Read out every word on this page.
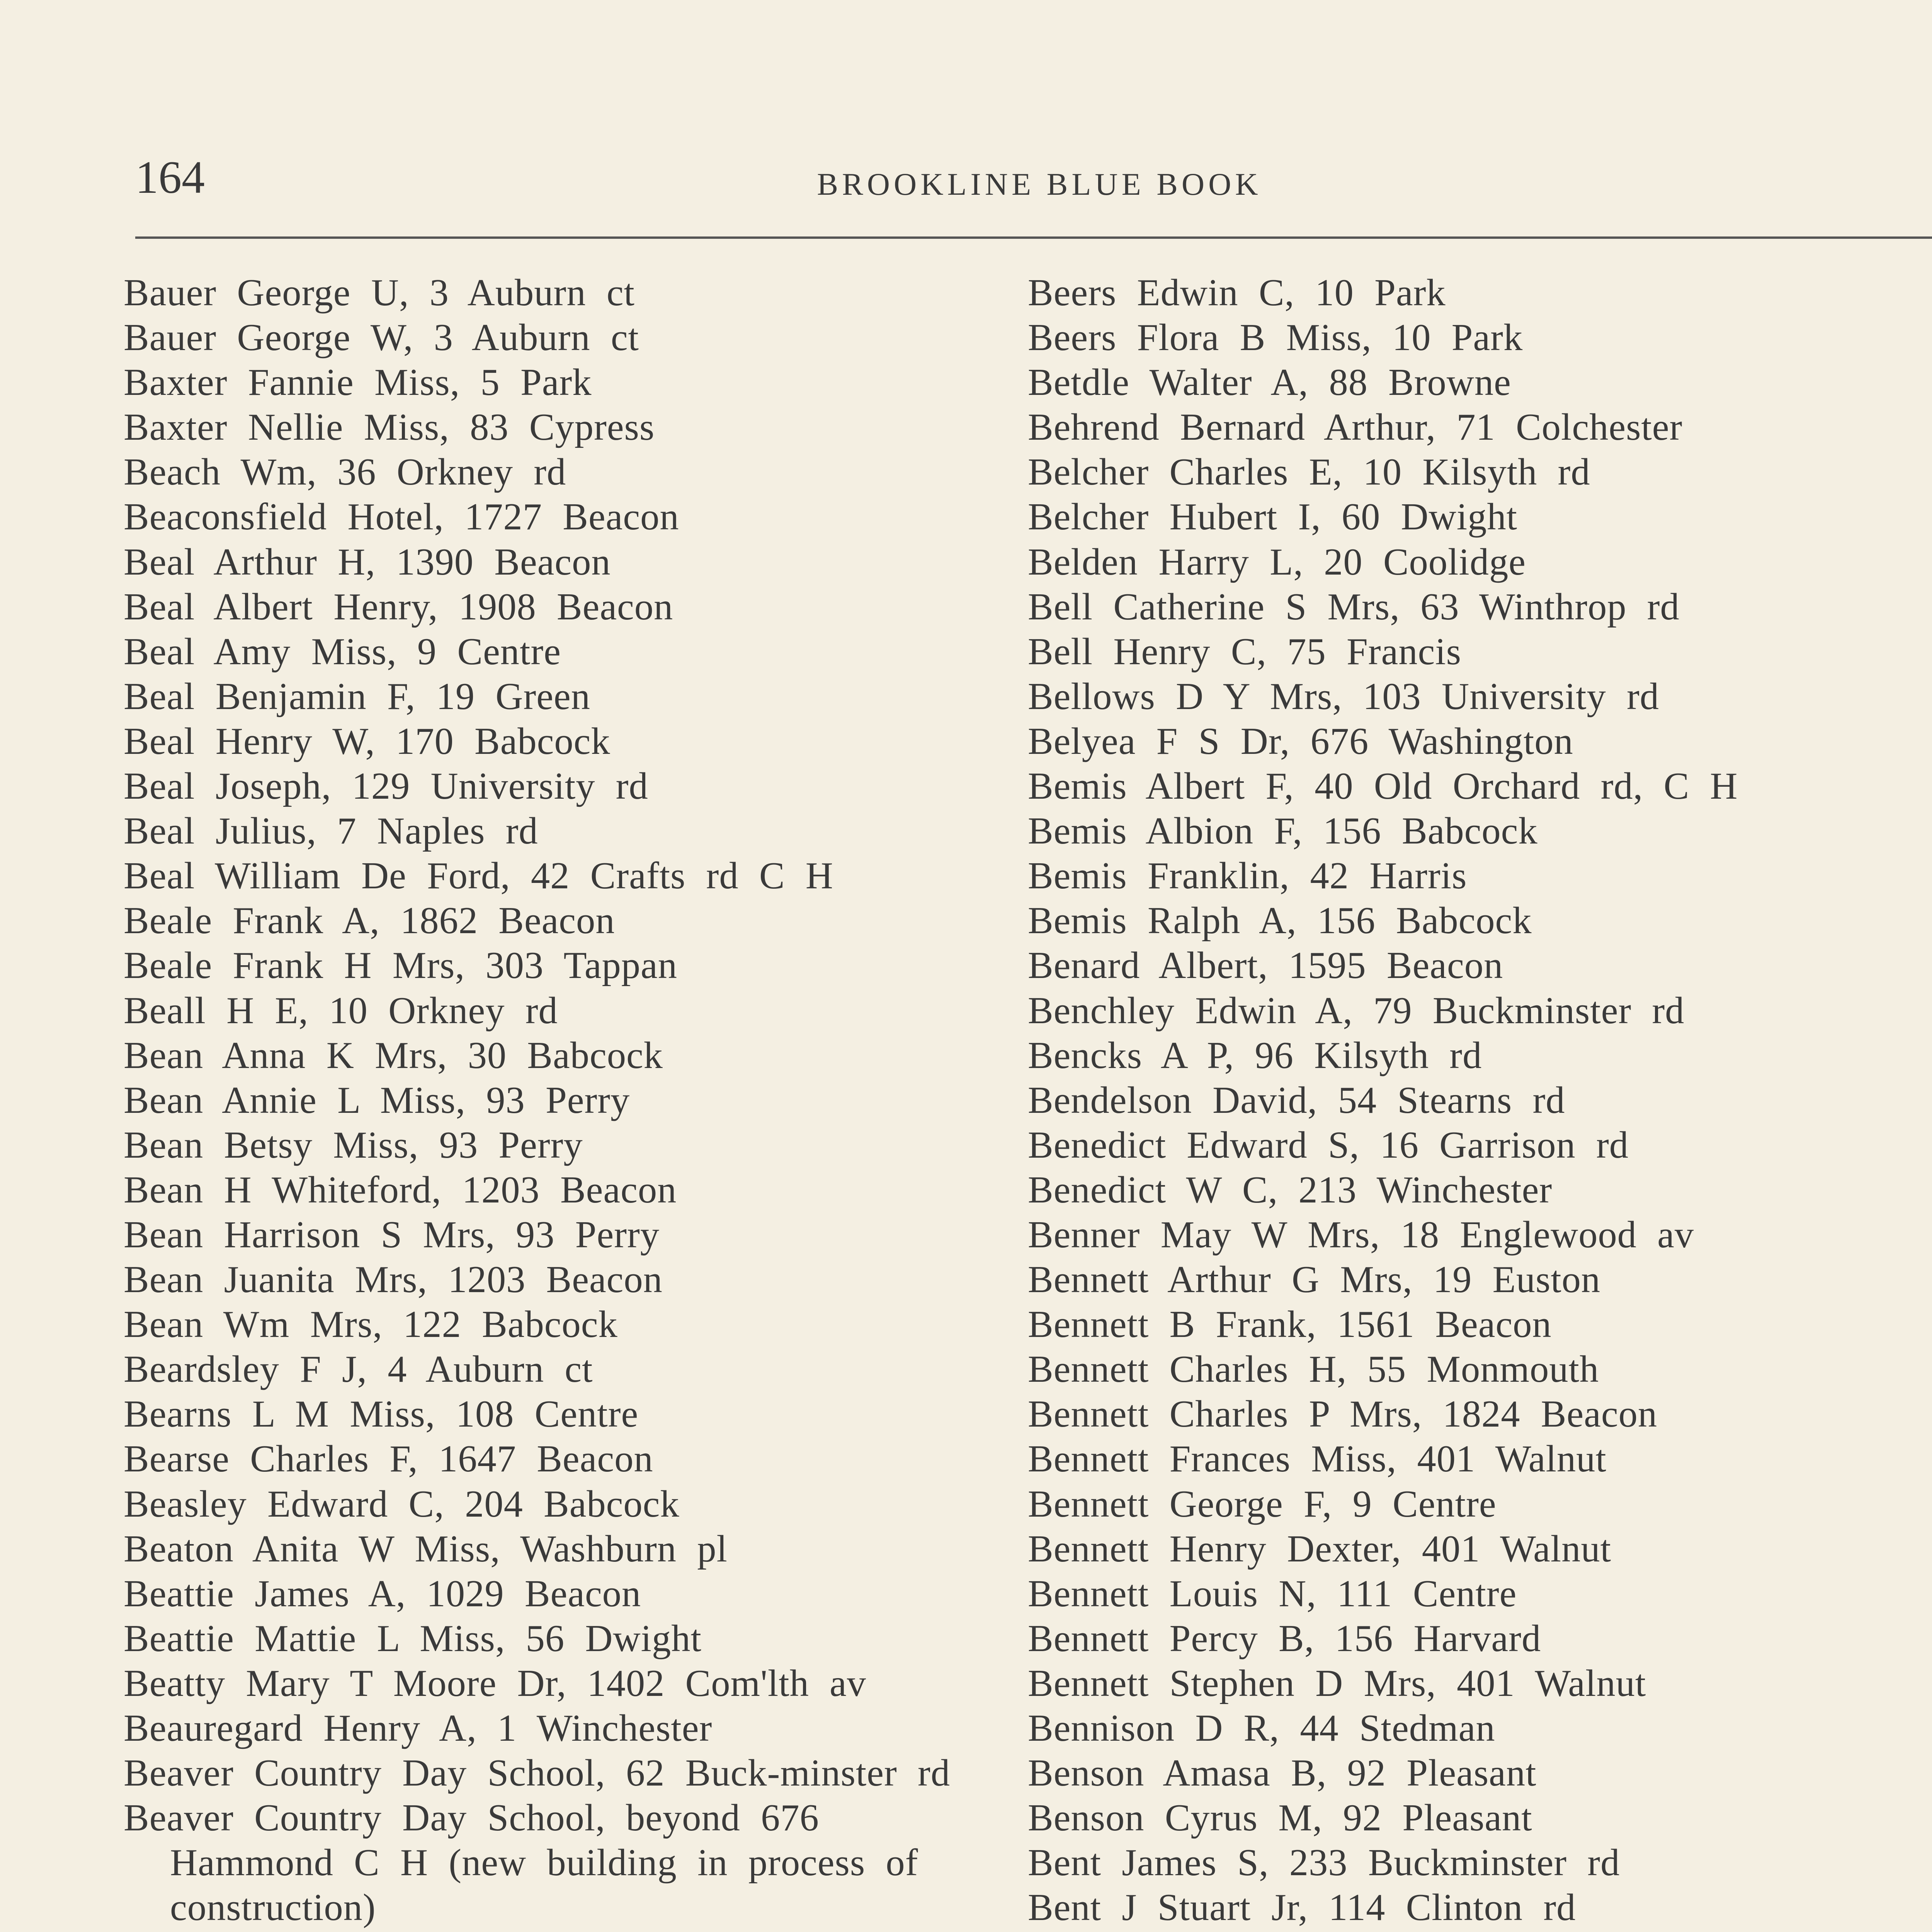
164	BROOKLINE BLUE BOOK
Bauer George U, 3 Auburn ct
Bauer George W, 3 Auburn ct
Baxter Fannie Miss, 5 Park
Baxter Nellie Miss, 83 Cypress
Beach Wm, 36 Orkney rd
Beaconsfield Hotel, 1727 Beacon
Beal Arthur H, 1390 Beacon
Beal Albert Henry, 1908 Beacon
Beal Amy Miss, 9 Centre
Beal Benjamin F, 19 Green
Beal Henry W, 170 Babcock
Beal Joseph, 129 University rd
Beal Julius, 7 Naples rd
Beal William De Ford, 42 Crafts rd C H
Beale Frank A, 1862 Beacon
Beale Frank H Mrs, 303 Tappan
Beall H E, 10 Orkney rd
Bean Anna K Mrs, 30 Babcock
Bean Annie L Miss, 93 Perry
Bean Betsy Miss, 93 Perry
Bean H Whiteford, 1203 Beacon
Bean Harrison S Mrs, 93 Perry
Bean Juanita Mrs, 1203 Beacon
Bean Wm Mrs, 122 Babcock
Beardsley F J, 4 Auburn ct
Bearns L M Miss, 108 Centre
Bearse Charles F, 1647 Beacon
Beasley Edward C, 204 Babcock
Beaton Anita W Miss, Washburn pl
Beattie James A, 1029 Beacon
Beattie Mattie L Miss, 56 Dwight
Beatty Mary T Moore Dr, 1402 Com'lth av
Beauregard Henry A, 1 Winchester
Beaver Country Day School, 62 Buck-minster rd
Beaver Country Day School, beyond 676 Hammond C H (new building in process of construction)
Beers Edwin C, 10 Park
Beers Flora B Miss, 10 Park
Betdle Walter A, 88 Browne
Behrend Bernard Arthur, 71 Colchester
Belcher Charles E, 10 Kilsyth rd
Belcher Hubert I, 60 Dwight
Belden Harry L, 20 Coolidge
Bell Catherine S Mrs, 63 Winthrop rd
Bell Henry C, 75 Francis
Bellows D Y Mrs, 103 University rd
Belyea F S Dr, 676 Washington
Bemis Albert F, 40 Old Orchard rd, C H
Bemis Albion F, 156 Babcock
Bemis Franklin, 42 Harris
Bemis Ralph A, 156 Babcock
Benard Albert, 1595 Beacon
Benchley Edwin A, 79 Buckminster rd
Bencks A P, 96 Kilsyth rd
Bendelson David, 54 Stearns rd
Benedict Edward S, 16 Garrison rd
Benedict W C, 213 Winchester
Benner May W Mrs, 18 Englewood av
Bennett Arthur G Mrs, 19 Euston
Bennett B Frank, 1561 Beacon
Bennett Charles H, 55 Monmouth
Bennett Charles P Mrs, 1824 Beacon
Bennett Frances Miss, 401 Walnut
Bennett George F, 9 Centre
Bennett Henry Dexter, 401 Walnut
Bennett Louis N, 111 Centre
Bennett Percy B, 156 Harvard
Bennett Stephen D Mrs, 401 Walnut
Bennison D R, 44 Stedman
Benson Amasa B, 92 Pleasant
Benson Cyrus M, 92 Pleasant
Bent James S, 233 Buckminster rd
Bent J Stuart Jr, 114 Clinton rd
